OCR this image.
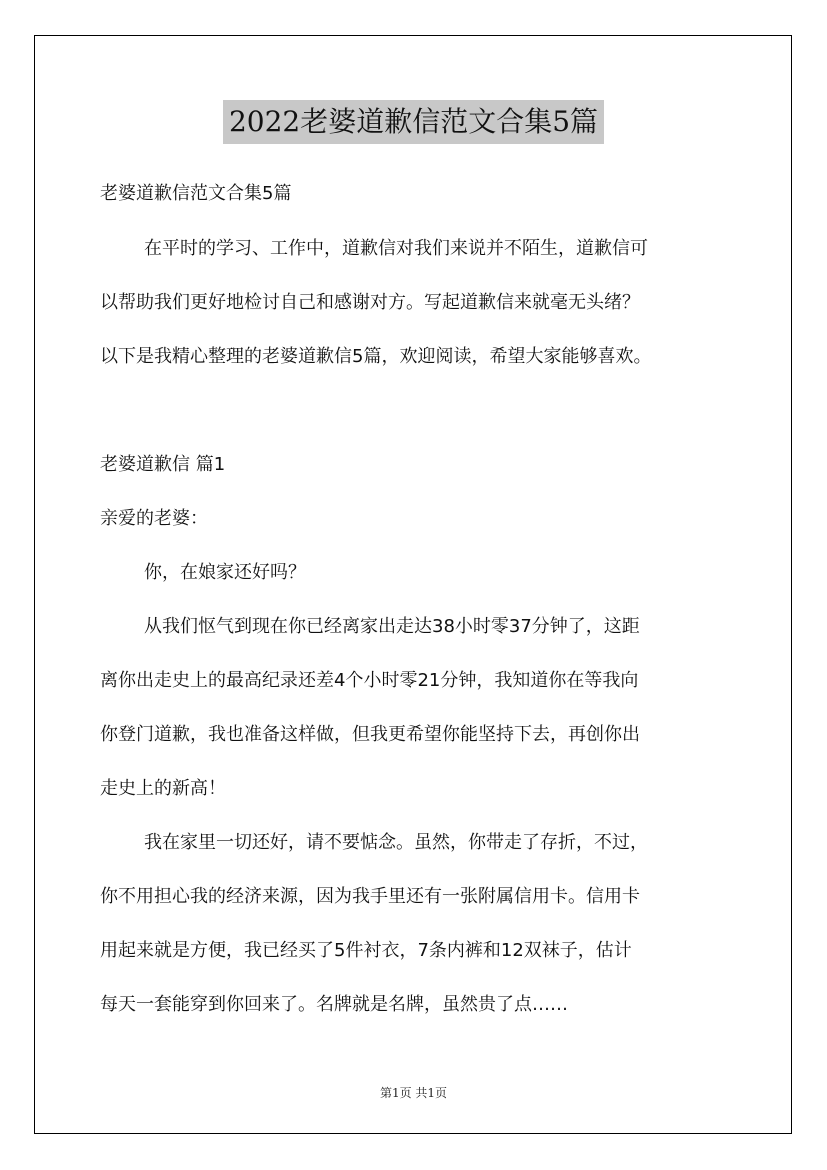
2022老婆道歉信范文合集5篇

老婆道歉信范文合集5篇

在平时的学习、工作中，道歉信对我们来说并不陌生，道歉信可

以帮助我们更好地检讨自己和感谢对方。写起道歉信来就毫无头绪？

以下是我精心整理的老婆道歉信5篇，欢迎阅读，希望大家能够喜欢。

老婆道歉信 篇1

亲爱的老婆：

你，在娘家还好吗？

从我们怄气到现在你已经离家出走达38小时零37分钟了，这距

离你出走史上的最高纪录还差4个小时零21分钟，我知道你在等我向

你登门道歉，我也准备这样做，但我更希望你能坚持下去，再创你出

走史上的新高！

我在家里一切还好，请不要惦念。虽然，你带走了存折，不过，

你不用担心我的经济来源，因为我手里还有一张附属信用卡。信用卡

用起来就是方便，我已经买了5件衬衣，7条内裤和12双袜子，估计

每天一套能穿到你回来了。名牌就是名牌，虽然贵了点……

第1页 共1页
